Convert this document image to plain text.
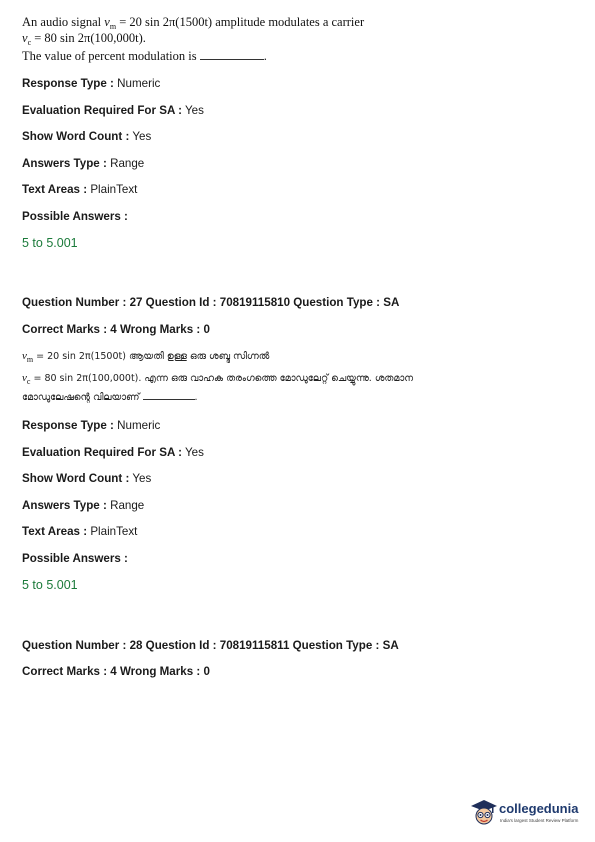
An audio signal $v_m = 20$ sin 2π(1500t) amplitude modulates a carrier
$v_c = 80$ sin 2π(100,000t).
The value of percent modulation is	.
Response Type : Numeric
Evaluation Required For SA : Yes
Show Word Count : Yes
Answers Type : Range
Text Areas : PlainText
Possible Answers :
5 to 5.001
Question Number : 27 Question Id : 70819115810 Question Type : SA
Correct Marks : 4 Wrong Marks : 0
$v_m = 20$ sin 2π(1500t) ആയതി ഉള്ള ഒരു ശബ്ദ സിഗ്നൽ
$v_c = 80$ sin 2π(100,000t). എന്ന ഒരു വാഹക തരംഗത്തെ മോഡുലേറ്റ് ചെയ്യുന്നു. ശതമാന
മോഡുലേഷന്റെ വിലയാണ്	.
Response Type : Numeric
Evaluation Required For SA : Yes
Show Word Count : Yes
Answers Type : Range
Text Areas : PlainText
Possible Answers :
5 to 5.001
Question Number : 28 Question Id : 70819115811 Question Type : SA
Correct Marks : 4 Wrong Marks : 0
collegedunia
India's largest Student Review Platform
